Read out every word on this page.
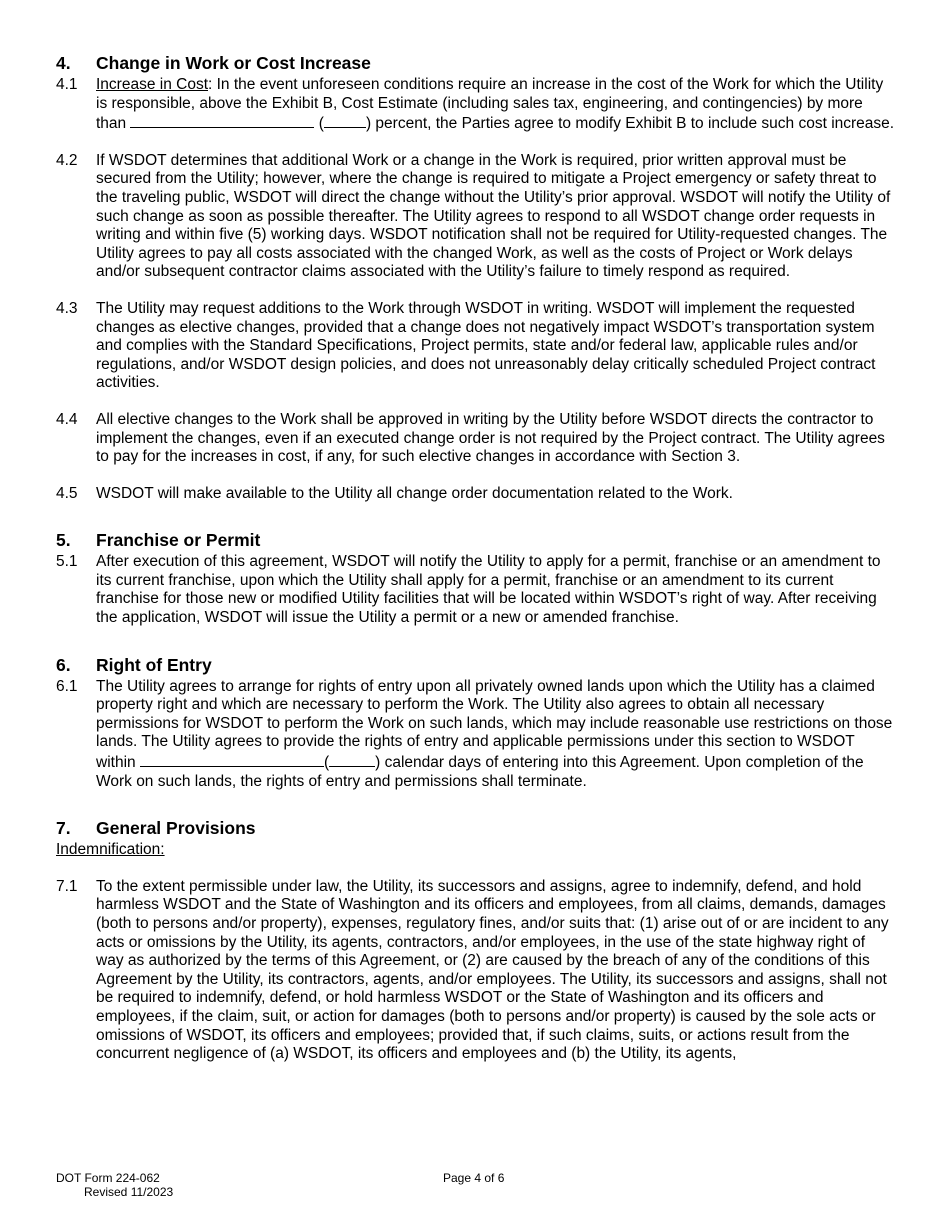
4.	Change in Work or Cost Increase
4.1	Increase in Cost: In the event unforeseen conditions require an increase in the cost of the Work for which the Utility is responsible, above the Exhibit B, Cost Estimate (including sales tax, engineering, and contingencies) by more than	(	) percent, the Parties agree to modify Exhibit B to include such cost increase.
4.2	If WSDOT determines that additional Work or a change in the Work is required, prior written approval must be secured from the Utility; however, where the change is required to mitigate a Project emergency or safety threat to the traveling public, WSDOT will direct the change without the Utility’s prior approval. WSDOT will notify the Utility of such change as soon as possible thereafter. The Utility agrees to respond to all WSDOT change order requests in writing and within five (5) working days. WSDOT notification shall not be required for Utility-requested changes. The Utility agrees to pay all costs associated with the changed Work, as well as the costs of Project or Work delays and/or subsequent contractor claims associated with the Utility’s failure to timely respond as required.
4.3	The Utility may request additions to the Work through WSDOT in writing. WSDOT will implement the requested changes as elective changes, provided that a change does not negatively impact WSDOT’s transportation system and complies with the Standard Specifications, Project permits, state and/or federal law, applicable rules and/or regulations, and/or WSDOT design policies, and does not unreasonably delay critically scheduled Project contract activities.
4.4	All elective changes to the Work shall be approved in writing by the Utility before WSDOT directs the contractor to implement the changes, even if an executed change order is not required by the Project contract. The Utility agrees to pay for the increases in cost, if any, for such elective changes in accordance with Section 3.
4.5	WSDOT will make available to the Utility all change order documentation related to the Work.
5.	Franchise or Permit
5.1	After execution of this agreement, WSDOT will notify the Utility to apply for a permit, franchise or an amendment to its current franchise, upon which the Utility shall apply for a permit, franchise or an amendment to its current franchise for those new or modified Utility facilities that will be located within WSDOT’s right of way. After receiving the application, WSDOT will issue the Utility a permit or a new or amended franchise.
6.	Right of Entry
6.1	The Utility agrees to arrange for rights of entry upon all privately owned lands upon which the Utility has a claimed property right and which are necessary to perform the Work. The Utility also agrees to obtain all necessary permissions for WSDOT to perform the Work on such lands, which may include reasonable use restrictions on those lands. The Utility agrees to provide the rights of entry and applicable permissions under this section to WSDOT within	(	) calendar days of entering into this Agreement. Upon completion of the Work on such lands, the rights of entry and permissions shall terminate.
7.	General Provisions
Indemnification:
7.1	To the extent permissible under law, the Utility, its successors and assigns, agree to indemnify, defend, and hold harmless WSDOT and the State of Washington and its officers and employees, from all claims, demands, damages (both to persons and/or property), expenses, regulatory fines, and/or suits that: (1) arise out of or are incident to any acts or omissions by the Utility, its agents, contractors, and/or employees, in the use of the state highway right of way as authorized by the terms of this Agreement, or (2) are caused by the breach of any of the conditions of this Agreement by the Utility, its contractors, agents, and/or employees. The Utility, its successors and assigns, shall not be required to indemnify, defend, or hold harmless WSDOT or the State of Washington and its officers and employees, if the claim, suit, or action for damages (both to persons and/or property) is caused by the sole acts or omissions of WSDOT, its officers and employees; provided that, if such claims, suits, or actions result from the concurrent negligence of (a) WSDOT, its officers and employees and (b) the Utility, its agents,
DOT Form 224-062
Revised 11/2023
Page 4 of 6
